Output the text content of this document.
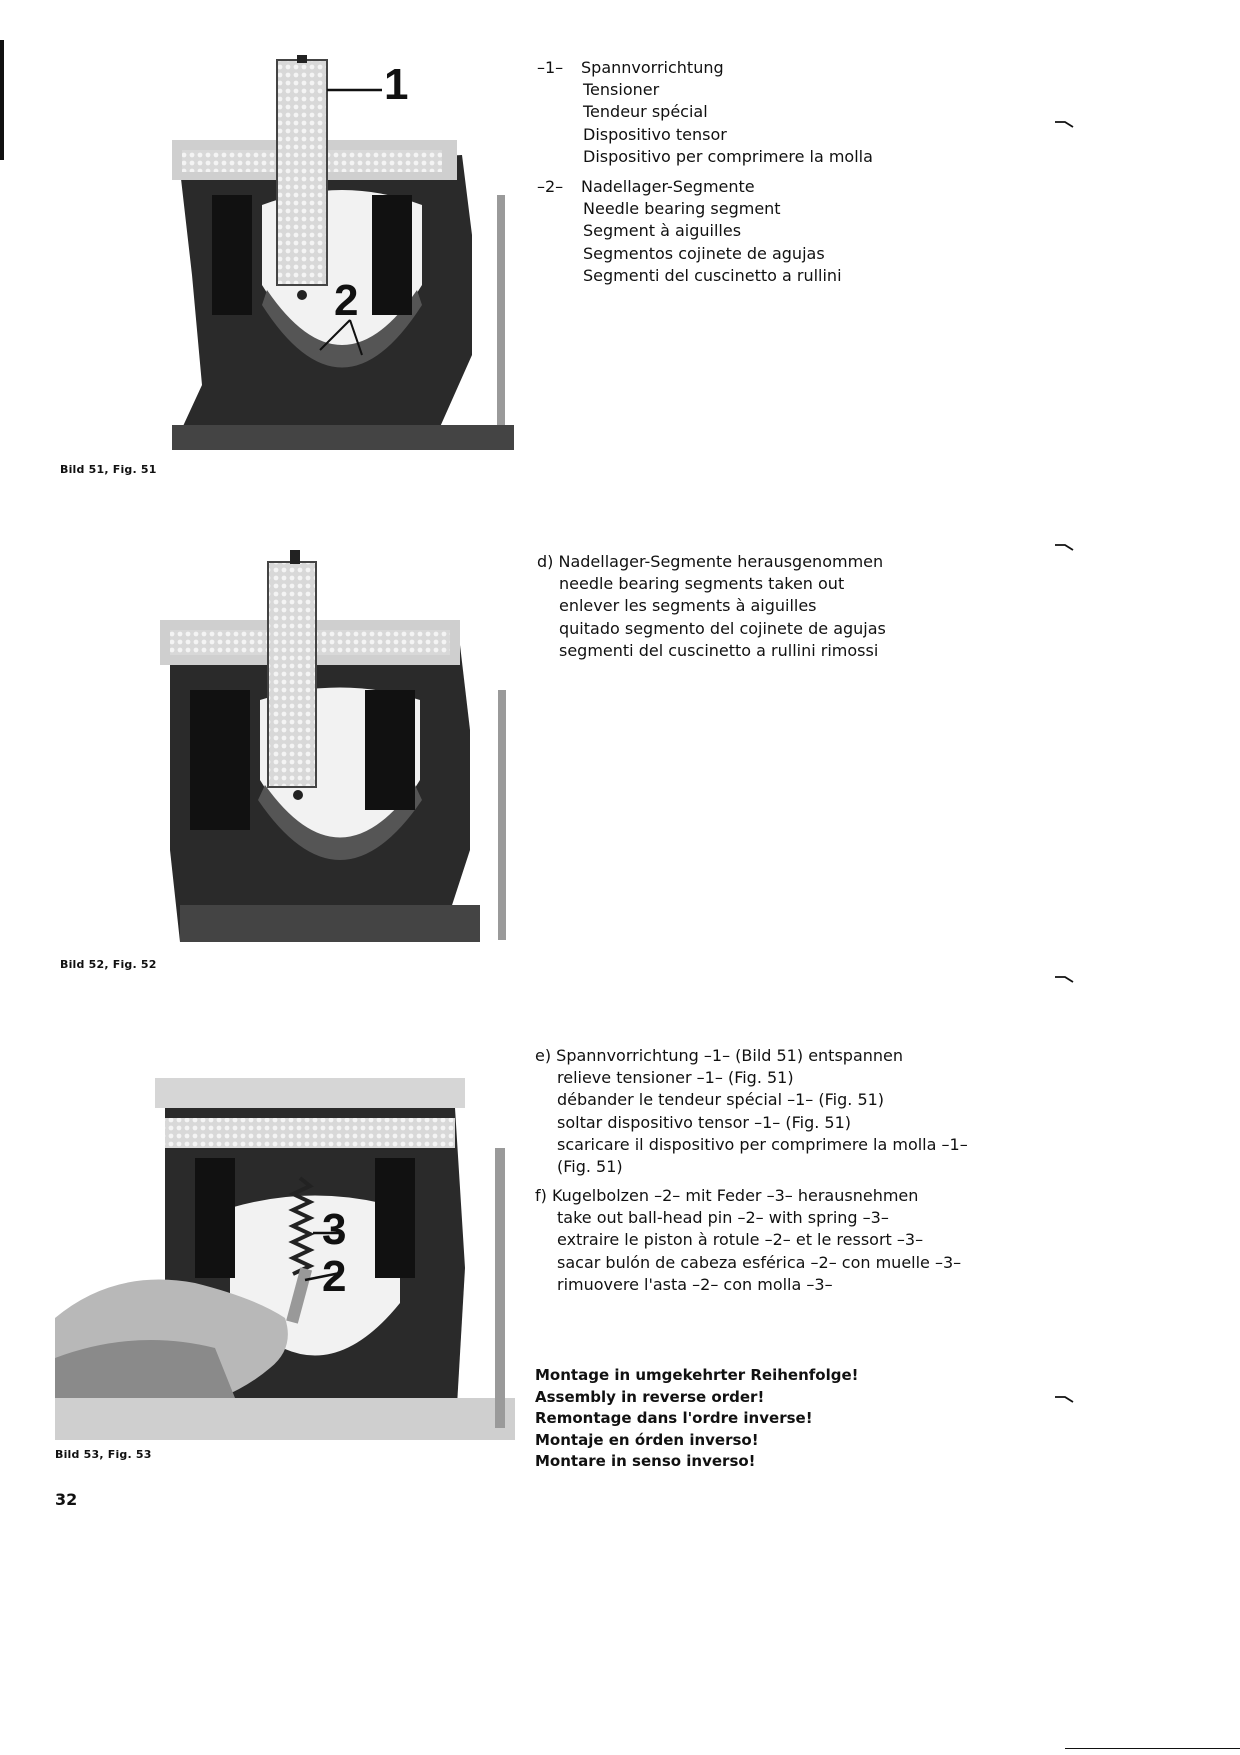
1
2
Bild 51, Fig. 51
–1– Spannvorrichtung
Tensioner
Tendeur spécial
Dispositivo tensor
Dispositivo per comprimere la molla
–2– Nadellager-Segmente
Needle bearing segment
Segment à aiguilles
Segmentos cojinete de agujas
Segmenti del cuscinetto a rullini
Bild 52, Fig. 52
d) Nadellager-Segmente herausgenommen
needle bearing segments taken out
enlever les segments à aiguilles
quitado segmento del cojinete de agujas
segmenti del cuscinetto a rullini rimossi
3
2
Bild 53, Fig. 53
e) Spannvorrichtung –1– (Bild 51) entspannen
relieve tensioner –1– (Fig. 51)
débander le tendeur spécial –1– (Fig. 51)
soltar dispositivo tensor –1– (Fig. 51)
scaricare il dispositivo per comprimere la molla –1–
(Fig. 51)
f) Kugelbolzen –2– mit Feder –3– herausnehmen
take out ball-head pin –2– with spring –3–
extraire le piston à rotule –2– et le ressort –3–
sacar bulón de cabeza esférica –2– con muelle –3–
rimuovere l'asta –2– con molla –3–
Montage in umgekehrter Reihenfolge!
Assembly in reverse order!
Remontage dans l'ordre inverse!
Montaje en órden inverso!
Montare in senso inverso!
32
